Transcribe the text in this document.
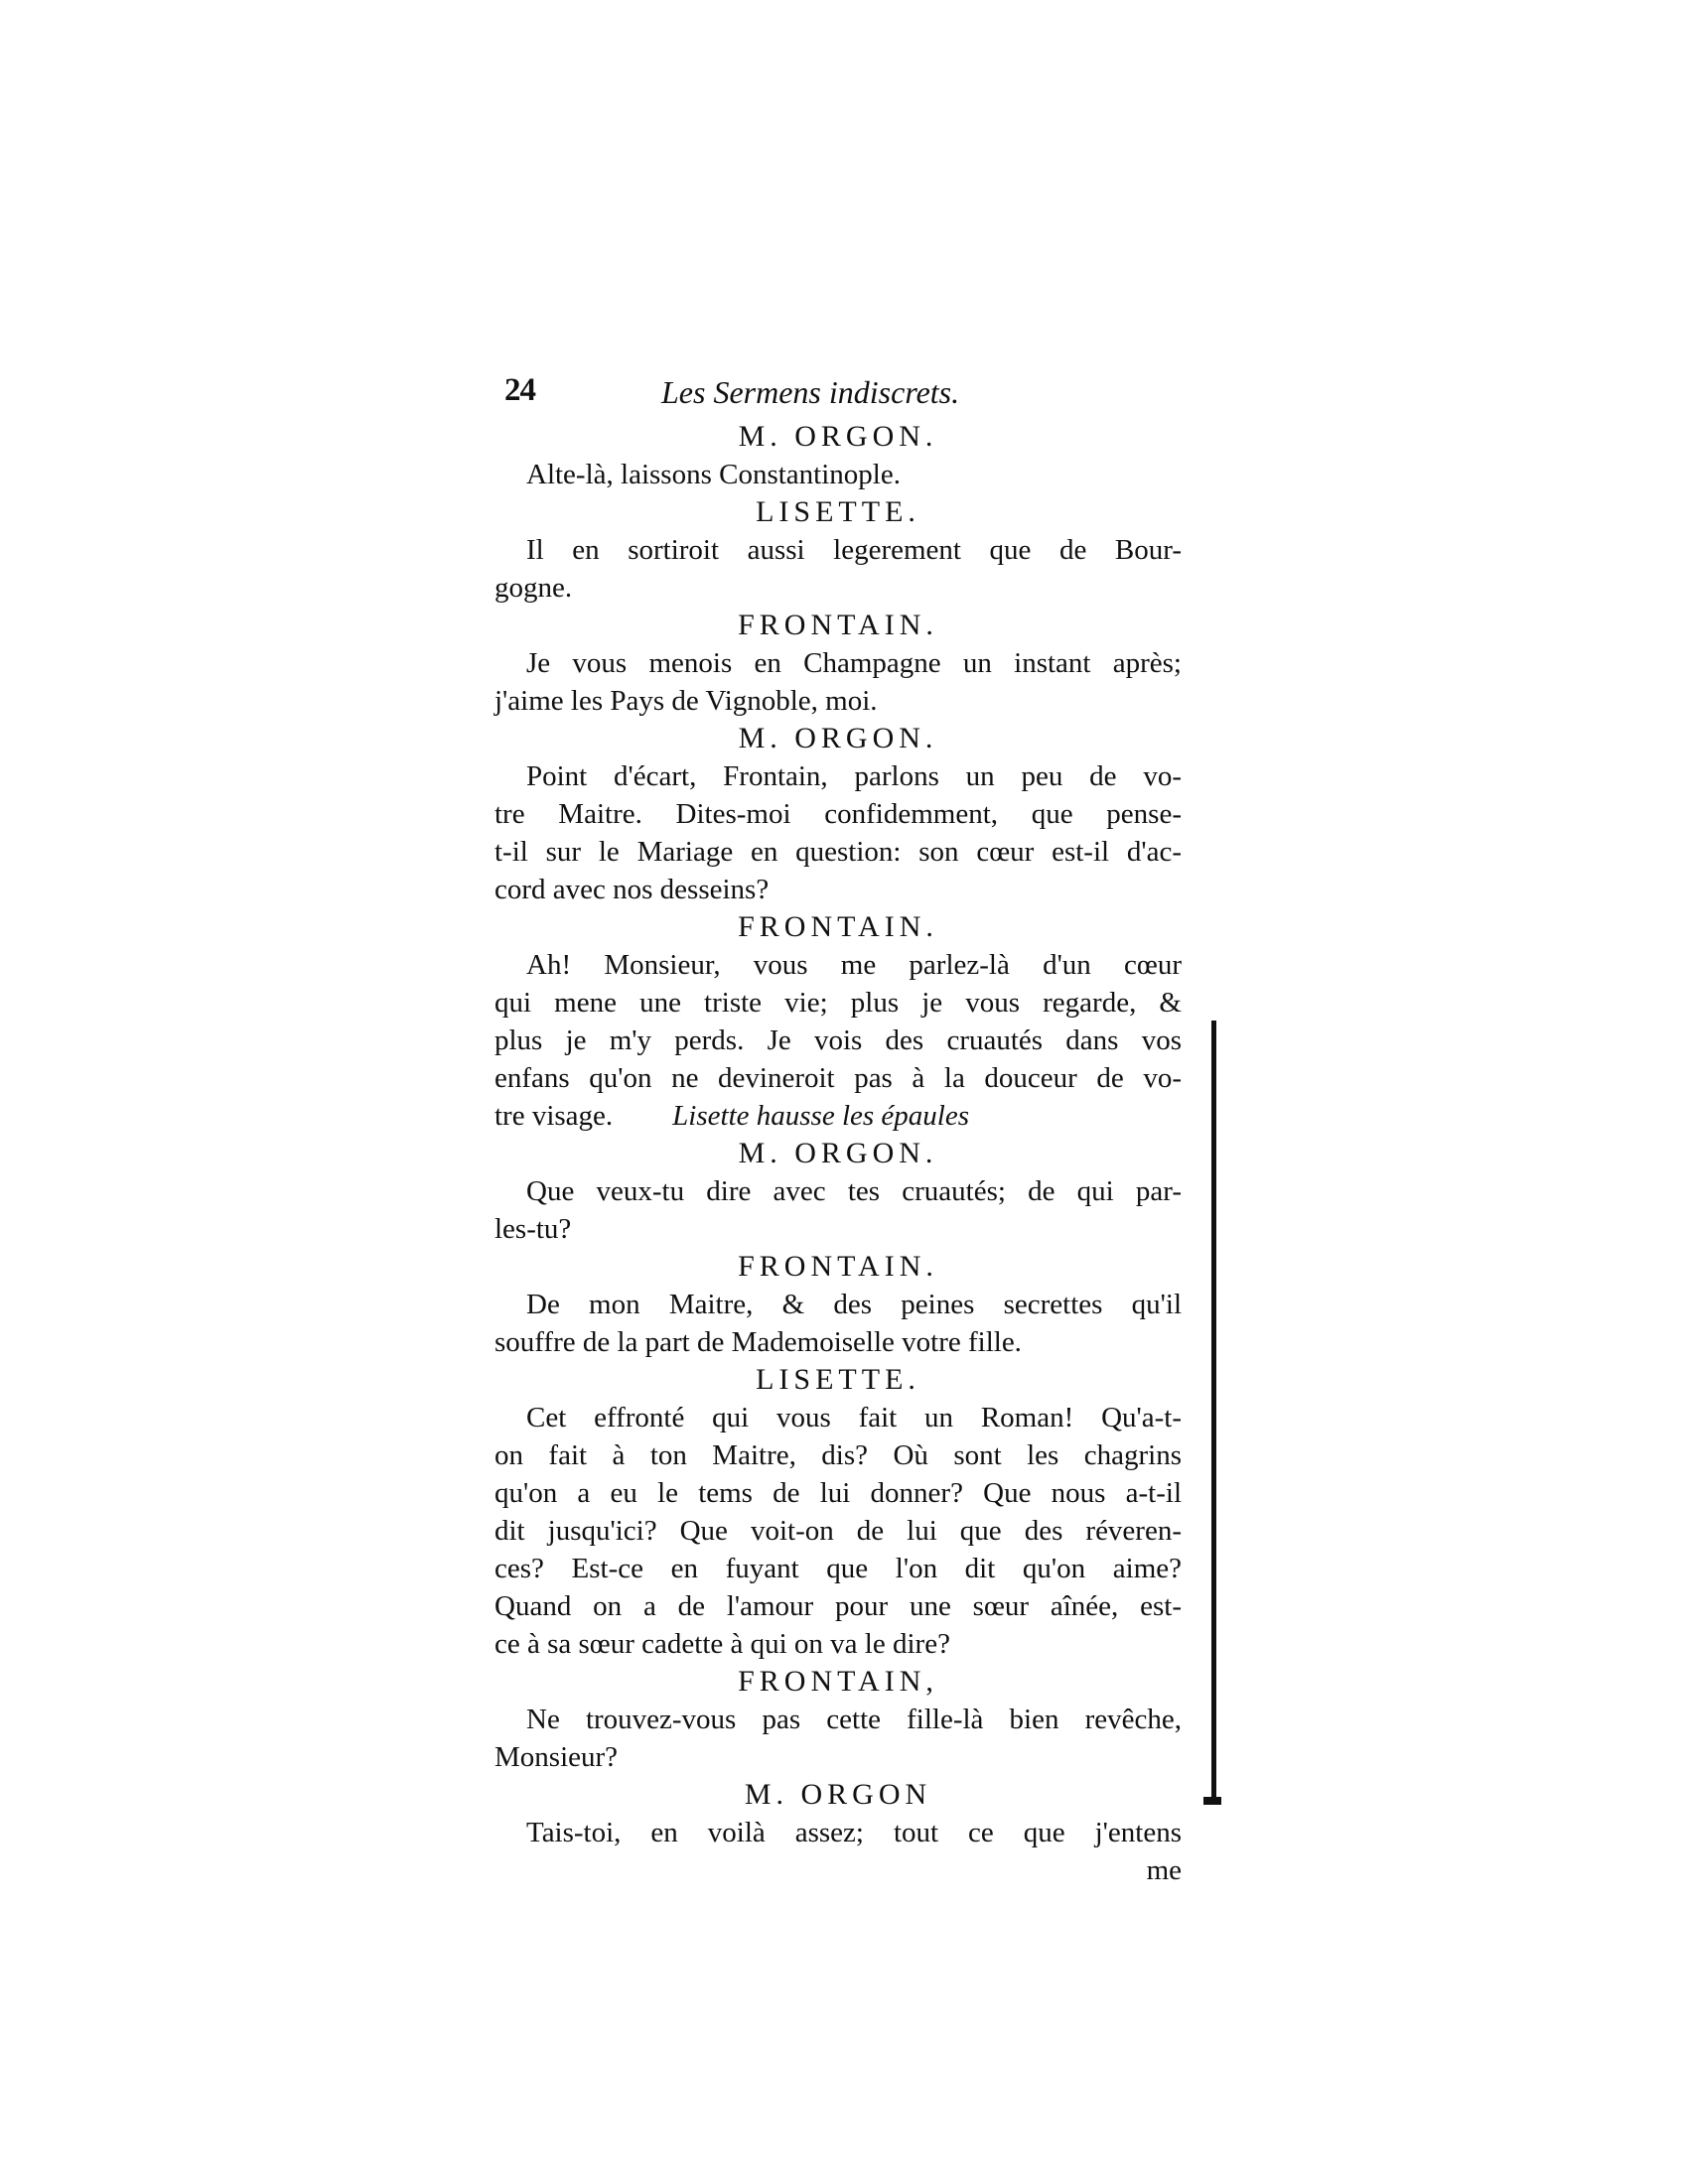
24	Les Sermens indiscrets.
M. ORGON.
Alte-là, laissons Constantinople.
LISETTE.
Il en sortiroit aussi legerement que de Bour-
gogne.
FRONTAIN.
Je vous menois en Champagne un instant après;
j'aime les Pays de Vignoble, moi.
M. ORGON.
Point d'écart, Frontain, parlons un peu de vo-
tre Maitre. Dites-moi confidemment, que pense-
t-il sur le Mariage en question: son cœur est-il d'ac-
cord avec nos desseins?
FRONTAIN.
Ah! Monsieur, vous me parlez-là d'un cœur
qui mene une triste vie; plus je vous regarde, &
plus je m'y perds. Je vois des cruautés dans vos
enfans qu'on ne devineroit pas à la douceur de vo-
tre visage. Lisette hausse les épaules
M. ORGON.
Que veux-tu dire avec tes cruautés; de qui par-
les-tu?
FRONTAIN.
De mon Maitre, & des peines secrettes qu'il
souffre de la part de Mademoiselle votre fille.
LISETTE.
Cet effronté qui vous fait un Roman! Qu'a-t-
on fait à ton Maitre, dis? Où sont les chagrins
qu'on a eu le tems de lui donner? Que nous a-t-il
dit jusqu'ici? Que voit-on de lui que des réveren-
ces? Est-ce en fuyant que l'on dit qu'on aime?
Quand on a de l'amour pour une sœur aînée, est-
ce à sa sœur cadette à qui on va le dire?
FRONTAIN,
Ne trouvez-vous pas cette fille-là bien revêche,
Monsieur?
M. ORGON
Tais-toi, en voilà assez; tout ce que j'entens
me
